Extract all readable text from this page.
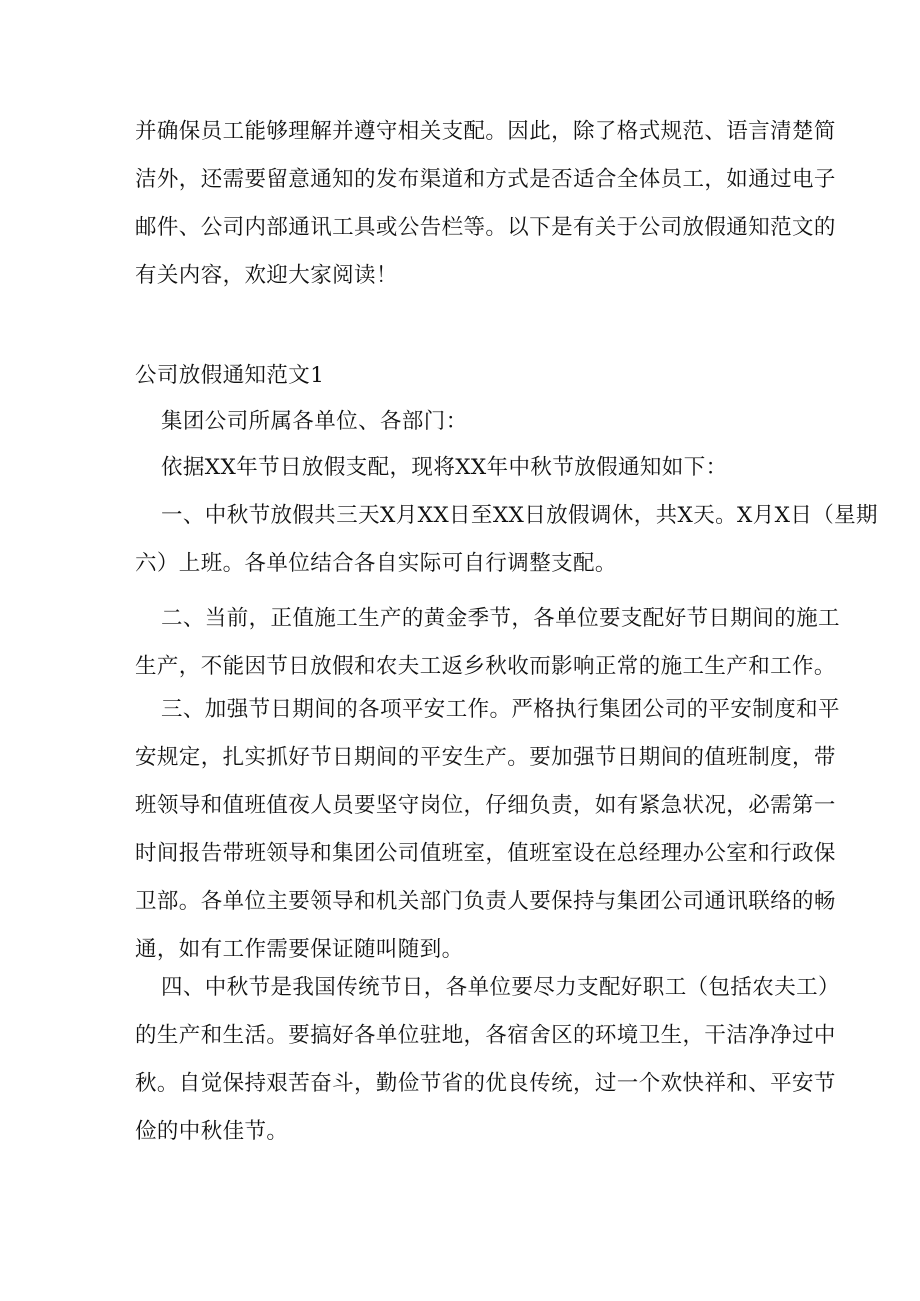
并确保员工能够理解并遵守相关支配。因此，除了格式规范、语言清楚简
洁外，还需要留意通知的发布渠道和方式是否适合全体员工，如通过电子
邮件、公司内部通讯工具或公告栏等。以下是有关于公司放假通知范文的
有关内容，欢迎大家阅读！

公司放假通知范文1

集团公司所属各单位、各部门：

依据XX年节日放假支配，现将XX年中秋节放假通知如下：

一、中秋节放假共三天X月XX日至XX日放假调休，共X天。X月X日（星期
六）上班。各单位结合各自实际可自行调整支配。

二、当前，正值施工生产的黄金季节，各单位要支配好节日期间的施工
生产，不能因节日放假和农夫工返乡秋收而影响正常的施工生产和工作。

三、加强节日期间的各项平安工作。严格执行集团公司的平安制度和平
安规定，扎实抓好节日期间的平安生产。要加强节日期间的值班制度，带
班领导和值班值夜人员要坚守岗位，仔细负责，如有紧急状况，必需第一
时间报告带班领导和集团公司值班室，值班室设在总经理办公室和行政保
卫部。各单位主要领导和机关部门负责人要保持与集团公司通讯联络的畅
通，如有工作需要保证随叫随到。

四、中秋节是我国传统节日，各单位要尽力支配好职工（包括农夫工）
的生产和生活。要搞好各单位驻地，各宿舍区的环境卫生，干洁净净过中
秋。自觉保持艰苦奋斗，勤俭节省的优良传统，过一个欢快祥和、平安节
俭的中秋佳节。
